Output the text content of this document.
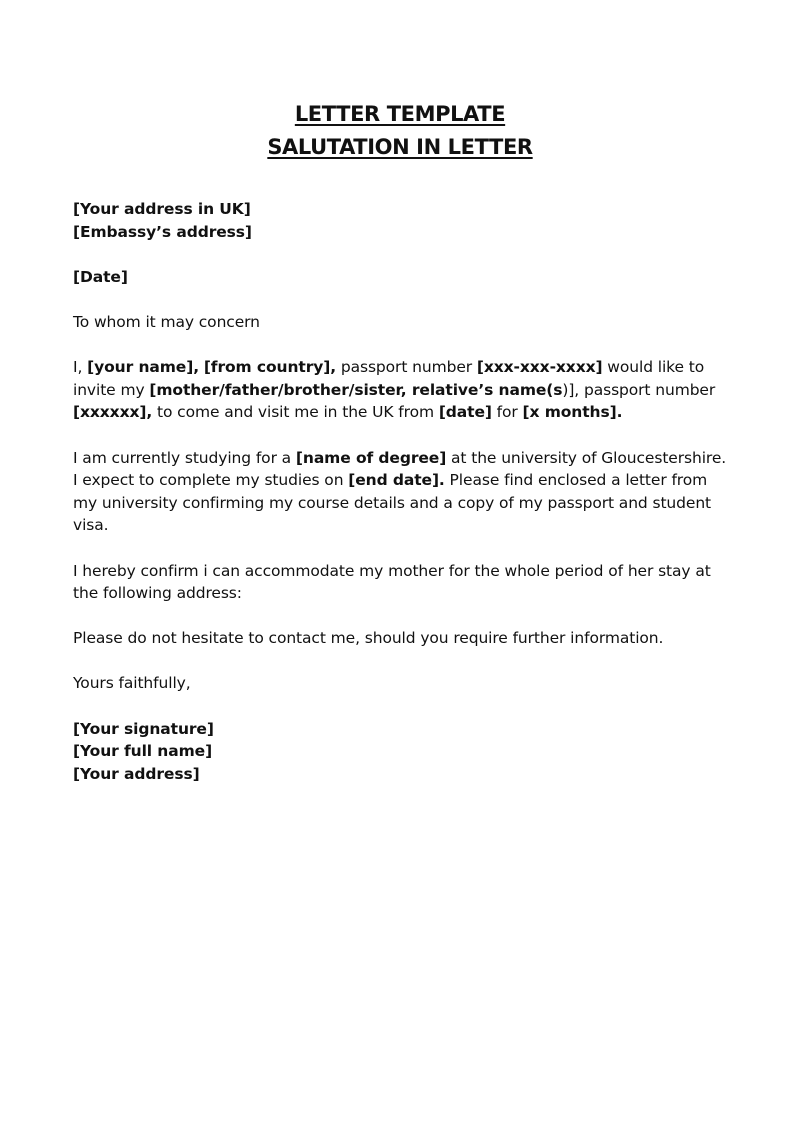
LETTER TEMPLATE
SALUTATION IN LETTER

[Your address in UK]

[Embassy’s address]

[Date]

To whom it may concern

I, [your name], [from country], passport number [xxx-xxx-xxxx] would like to invite my [mother/father/brother/sister, relative’s name(s)], passport number [xxxxxx], to come and visit me in the UK from [date] for [x months].

I am currently studying for a [name of degree] at the university of Gloucestershire. I expect to complete my studies on [end date]. Please find enclosed a letter from my university confirming my course details and a copy of my passport and student visa.

I hereby confirm i can accommodate my mother for the whole period of her stay at the following address:

Please do not hesitate to contact me, should you require further information.

Yours faithfully,

[Your signature]

[Your full name]

[Your address]
